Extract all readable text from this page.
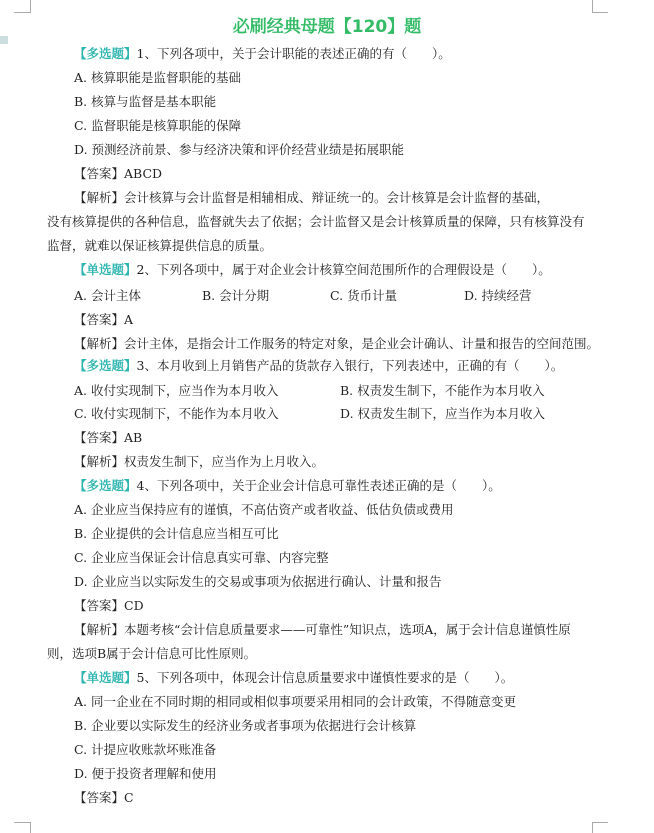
必刷经典母题【120】题
【多选题】1、下列各项中，关于会计职能的表述正确的有（　　）。
A. 核算职能是监督职能的基础
B. 核算与监督是基本职能
C. 监督职能是核算职能的保障
D. 预测经济前景、参与经济决策和评价经营业绩是拓展职能
【答案】ABCD
【解析】会计核算与会计监督是相辅相成、辩证统一的。会计核算是会计监督的基础，
没有核算提供的各种信息，监督就失去了依据；会计监督又是会计核算质量的保障，只有核算没有
监督，就难以保证核算提供信息的质量。
【单选题】2、下列各项中，属于对企业会计核算空间范围所作的合理假设是（　　）。
A. 会计主体	B. 会计分期	C. 货币计量	D. 持续经营
【答案】A
【解析】会计主体，是指会计工作服务的特定对象，是企业会计确认、计量和报告的空间范围。
【多选题】3、本月收到上月销售产品的货款存入银行，下列表述中，正确的有（　　）。
A. 收付实现制下，应当作为本月收入	B. 权责发生制下，不能作为本月收入
C. 收付实现制下，不能作为本月收入	D. 权责发生制下，应当作为本月收入
【答案】AB
【解析】权责发生制下，应当作为上月收入。
【多选题】4、下列各项中，关于企业会计信息可靠性表述正确的是（　　）。
A. 企业应当保持应有的谨慎，不高估资产或者收益、低估负债或费用
B. 企业提供的会计信息应当相互可比
C. 企业应当保证会计信息真实可靠、内容完整
D. 企业应当以实际发生的交易或事项为依据进行确认、计量和报告
【答案】CD
【解析】本题考核“会计信息质量要求——可靠性”知识点，选项A，属于会计信息谨慎性原
则，选项B属于会计信息可比性原则。
【单选题】5、下列各项中，体现会计信息质量要求中谨慎性要求的是（　　）。
A. 同一企业在不同时期的相同或相似事项要采用相同的会计政策，不得随意变更
B. 企业要以实际发生的经济业务或者事项为依据进行会计核算
C. 计提应收账款坏账准备
D. 便于投资者理解和使用
【答案】C
